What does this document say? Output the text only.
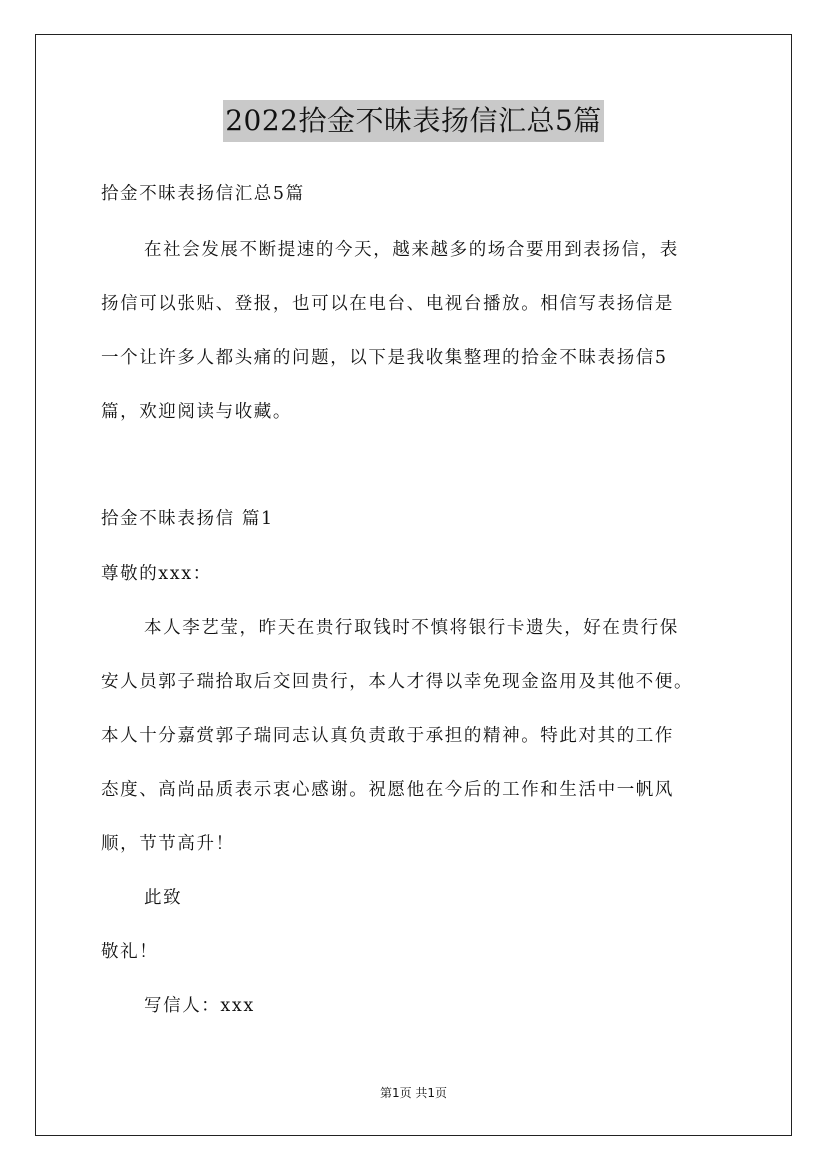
2022拾金不昧表扬信汇总5篇
拾金不昧表扬信汇总5篇
在社会发展不断提速的今天，越来越多的场合要用到表扬信，表
扬信可以张贴、登报，也可以在电台、电视台播放。相信写表扬信是
一个让许多人都头痛的问题，以下是我收集整理的拾金不昧表扬信5
篇，欢迎阅读与收藏。
拾金不昧表扬信 篇1
尊敬的xxx：
本人李艺莹，昨天在贵行取钱时不慎将银行卡遗失，好在贵行保
安人员郭子瑞拾取后交回贵行，本人才得以幸免现金盗用及其他不便。
本人十分嘉赏郭子瑞同志认真负责敢于承担的精神。特此对其的工作
态度、高尚品质表示衷心感谢。祝愿他在今后的工作和生活中一帆风
顺，节节高升！
此致
敬礼！
写信人：xxx
第1页 共1页
